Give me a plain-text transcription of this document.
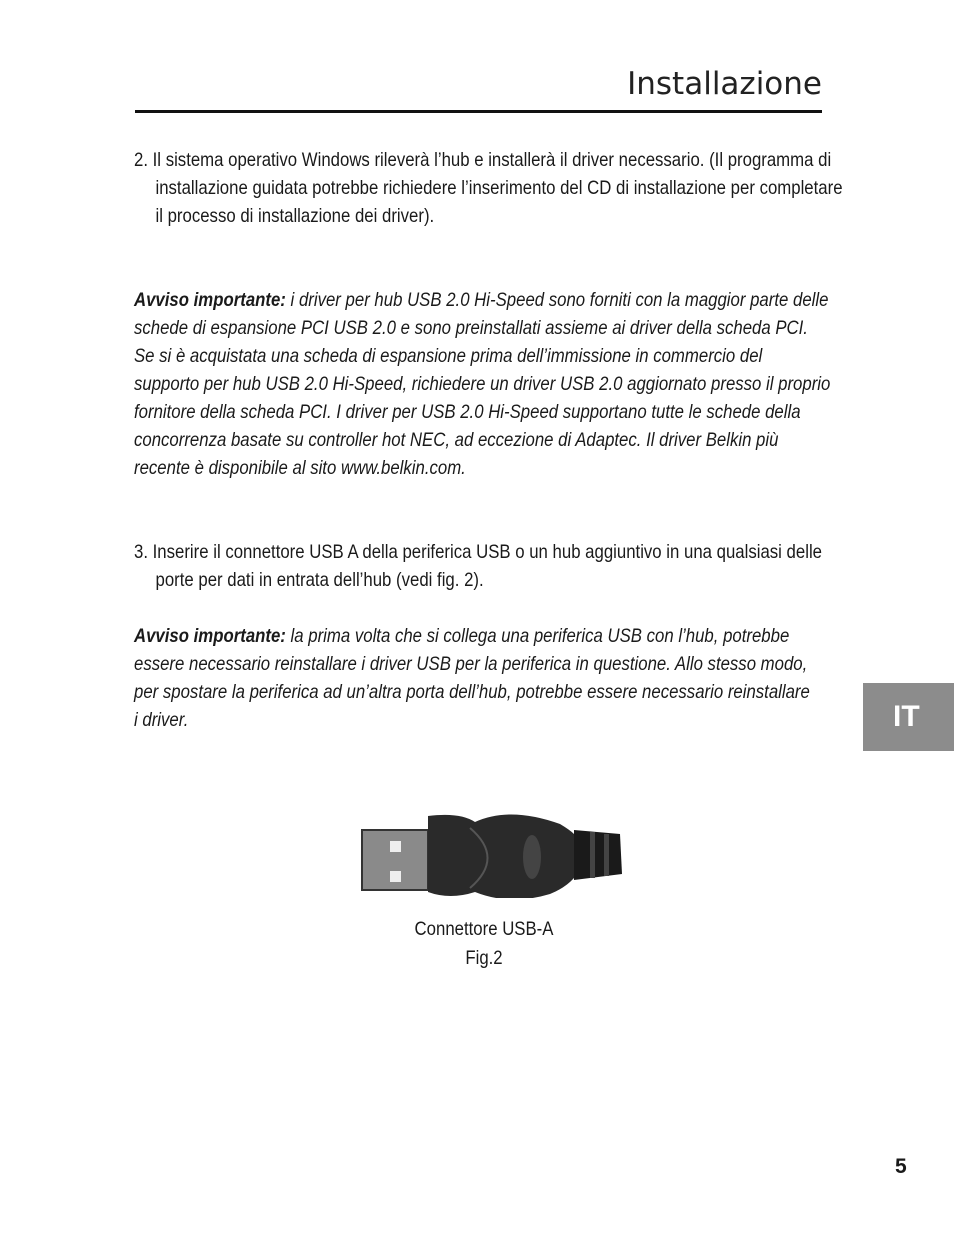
Installazione
2. Il sistema operativo Windows rileverà l’hub e installerà il driver necessario. (Il programma di installazione guidata potrebbe richiedere l’inserimento del CD di installazione per completare il processo di installazione dei driver).
Avviso importante: i driver per hub USB 2.0 Hi-Speed sono forniti con la maggior parte delle schede di espansione PCI USB 2.0 e sono preinstallati assieme ai driver della scheda PCI. Se si è acquistata una scheda di espansione prima dell’immissione in commercio del supporto per hub USB 2.0 Hi-Speed, richiedere un driver USB 2.0 aggiornato presso il proprio fornitore della scheda PCI. I driver per USB 2.0 Hi-Speed supportano tutte le schede della concorrenza basate su controller hot NEC, ad eccezione di Adaptec. Il driver Belkin più recente è disponibile al sito www.belkin.com.
3. Inserire il connettore USB A della periferica USB o un hub aggiuntivo in una qualsiasi delle porte per dati in entrata dell’hub (vedi fig. 2).
Avviso importante: la prima volta che si collega una periferica USB con l’hub, potrebbe essere necessario reinstallare i driver USB per la periferica in questione. Allo stesso modo, per spostare la periferica ad un’altra porta dell’hub, potrebbe essere necessario reinstallare i driver.	IT
Connettore USB-A
Fig.2
5
